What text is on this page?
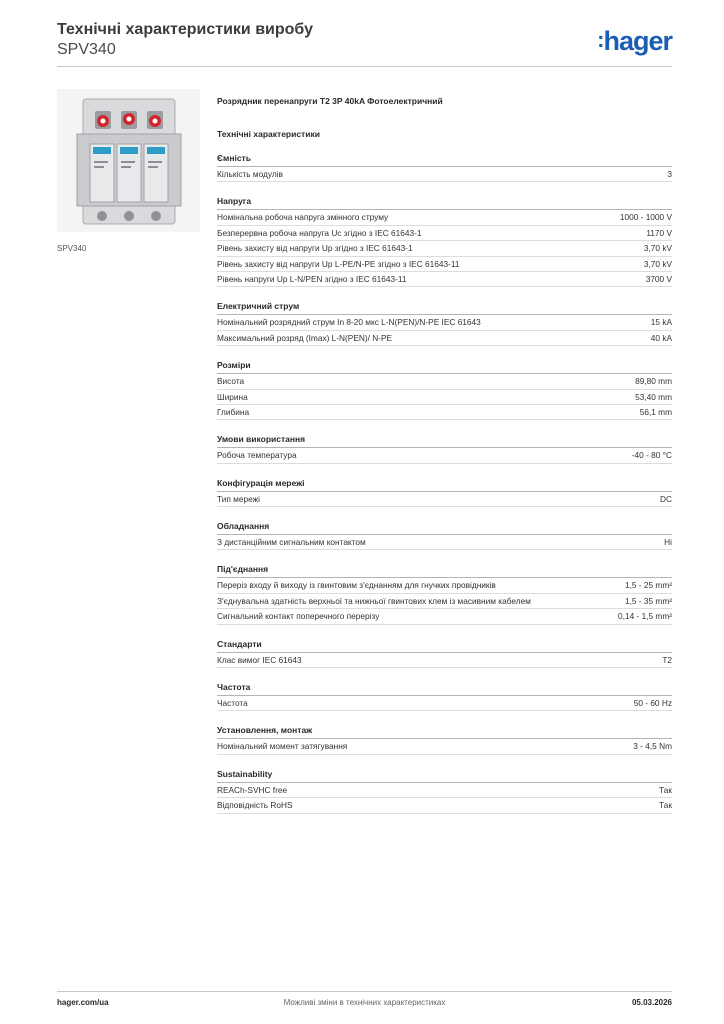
Технічні характеристики виробу
SPV340	:hager
SPV340
Розрядник перенапруги Т2 3P 40kA Фотоелектричний
Технічні характеристики
Ємність
Кількість модулів	3
Напруга
Номінальна робоча напруга змінного струму	1000 - 1000 V
Безперервна робоча напруга Uc згідно з IEC 61643-1	1170 V
Рівень захисту від напруги Up згідно з IEC 61643-1	3,70 kV
Рівень захисту від напруги Up L-PE/N-PE згідно з IEC 61643-11	3,70 kV
Рівень напруги Up L-N/PEN згідно з IEC 61643-11	3700 V
Електричний струм
Номінальний розрядний струм In 8-20 мкс L-N(PEN)/N-PE IEC 61643	15 kA
Максимальний розряд (Imax) L-N(PEN)/ N-PE	40 kA
Розміри
Висота	89,80 mm
Ширина	53,40 mm
Глибина	56,1 mm
Умови використання
Робоча температура	-40 - 80 °C
Конфігурація мережі
Тип мережі	DC
Обладнання
З дистанційним сигнальним контактом	Ні
Під'єднання
Переріз входу й виходу із гвинтовим з'єднанням для гнучких провідників	1,5 - 25 mm²
З'єднувальна здатність верхньої та нижньої гвинтових клем із масивним кабелем	1,5 - 35 mm²
Сигнальний контакт поперечного перерізу	0,14 - 1,5 mm²
Стандарти
Клас вимог IEC 61643	T2
Частота
Частота	50 - 60 Hz
Установлення, монтаж
Номінальний момент затягування	3 - 4,5 Nm
Sustainability
REACh-SVHC free	Так
Відповідність RoHS	Так
hager.com/ua	Можливі зміни в технічних характеристиках	05.03.2026
